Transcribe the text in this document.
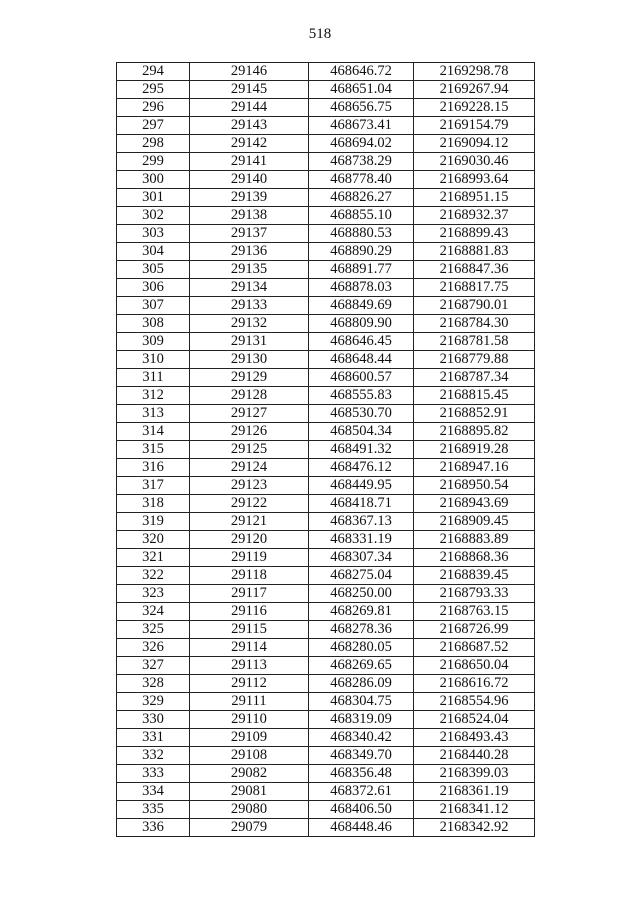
518
294	29146	468646.72	2169298.78
295	29145	468651.04	2169267.94
296	29144	468656.75	2169228.15
297	29143	468673.41	2169154.79
298	29142	468694.02	2169094.12
299	29141	468738.29	2169030.46
300	29140	468778.40	2168993.64
301	29139	468826.27	2168951.15
302	29138	468855.10	2168932.37
303	29137	468880.53	2168899.43
304	29136	468890.29	2168881.83
305	29135	468891.77	2168847.36
306	29134	468878.03	2168817.75
307	29133	468849.69	2168790.01
308	29132	468809.90	2168784.30
309	29131	468646.45	2168781.58
310	29130	468648.44	2168779.88
311	29129	468600.57	2168787.34
312	29128	468555.83	2168815.45
313	29127	468530.70	2168852.91
314	29126	468504.34	2168895.82
315	29125	468491.32	2168919.28
316	29124	468476.12	2168947.16
317	29123	468449.95	2168950.54
318	29122	468418.71	2168943.69
319	29121	468367.13	2168909.45
320	29120	468331.19	2168883.89
321	29119	468307.34	2168868.36
322	29118	468275.04	2168839.45
323	29117	468250.00	2168793.33
324	29116	468269.81	2168763.15
325	29115	468278.36	2168726.99
326	29114	468280.05	2168687.52
327	29113	468269.65	2168650.04
328	29112	468286.09	2168616.72
329	29111	468304.75	2168554.96
330	29110	468319.09	2168524.04
331	29109	468340.42	2168493.43
332	29108	468349.70	2168440.28
333	29082	468356.48	2168399.03
334	29081	468372.61	2168361.19
335	29080	468406.50	2168341.12
336	29079	468448.46	2168342.92
